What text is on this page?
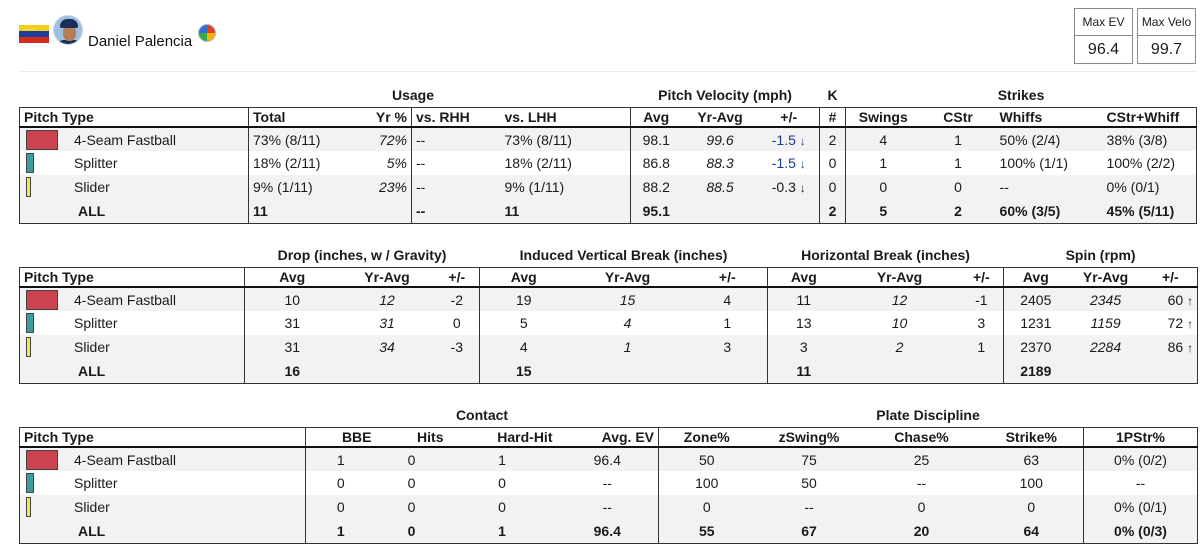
· · ·
Daniel Palencia
Max EV
96.4
Max Velo
99.7
Usage					Pitch Velocity (mph)			K	Strikes			
Pitch Type	Total	Yr %	vs. RHH	vs. LHH	Avg	Yr-Avg	+/-	#	Swings	CStr	Whiffs	CStr+Whiff

4-Seam Fastball	73% (8/11)	72%	--	73% (8/11)	98.1	99.6	-1.5 ↓	2	4	1	50% (2/4)	38% (3/8)

Splitter	18% (2/11)	5%	--	18% (2/11)	86.8	88.3	-1.5 ↓	0	1	1	100% (1/1)	100% (2/2)

Slider	9% (1/11)	23%	--	9% (1/11)	88.2	88.5	-0.3 ↓	0	0	0	--	0% (0/1)
ALL	11		--	11	95.1			2	5	2	60% (3/5)	45% (5/11)
	Drop (inches, w / Gravity)			Induced Vertical Break (inches)			Horizontal Break (inches)			Spin (rpm)		
Pitch Type	Avg	Yr-Avg	+/-	Avg	Yr-Avg	+/-	Avg	Yr-Avg	+/-	Avg	Yr-Avg	+/-

4-Seam Fastball	10	12	-2	19	15	4	11	12	-1	2405	2345	60 ↑

Splitter	31	31	0	5	4	1	13	10	3	1231	1159	72 ↑

Slider	31	34	-3	4	1	3	3	2	1	2370	2284	86 ↑
ALL	16			15			11			2189		
	Contact				Plate Discipline				
Pitch Type	BBE	Hits	Hard-Hit	Avg. EV	Zone%	zSwing%	Chase%	Strike%	1PStr%

4-Seam Fastball	1	0	1	96.4	50	75	25	63	0% (0/2)

Splitter	0	0	0	--	100	50	--	100	--

Slider	0	0	0	--	0	--	0	0	0% (0/1)
ALL	1	0	1	96.4	55	67	20	64	0% (0/3)
